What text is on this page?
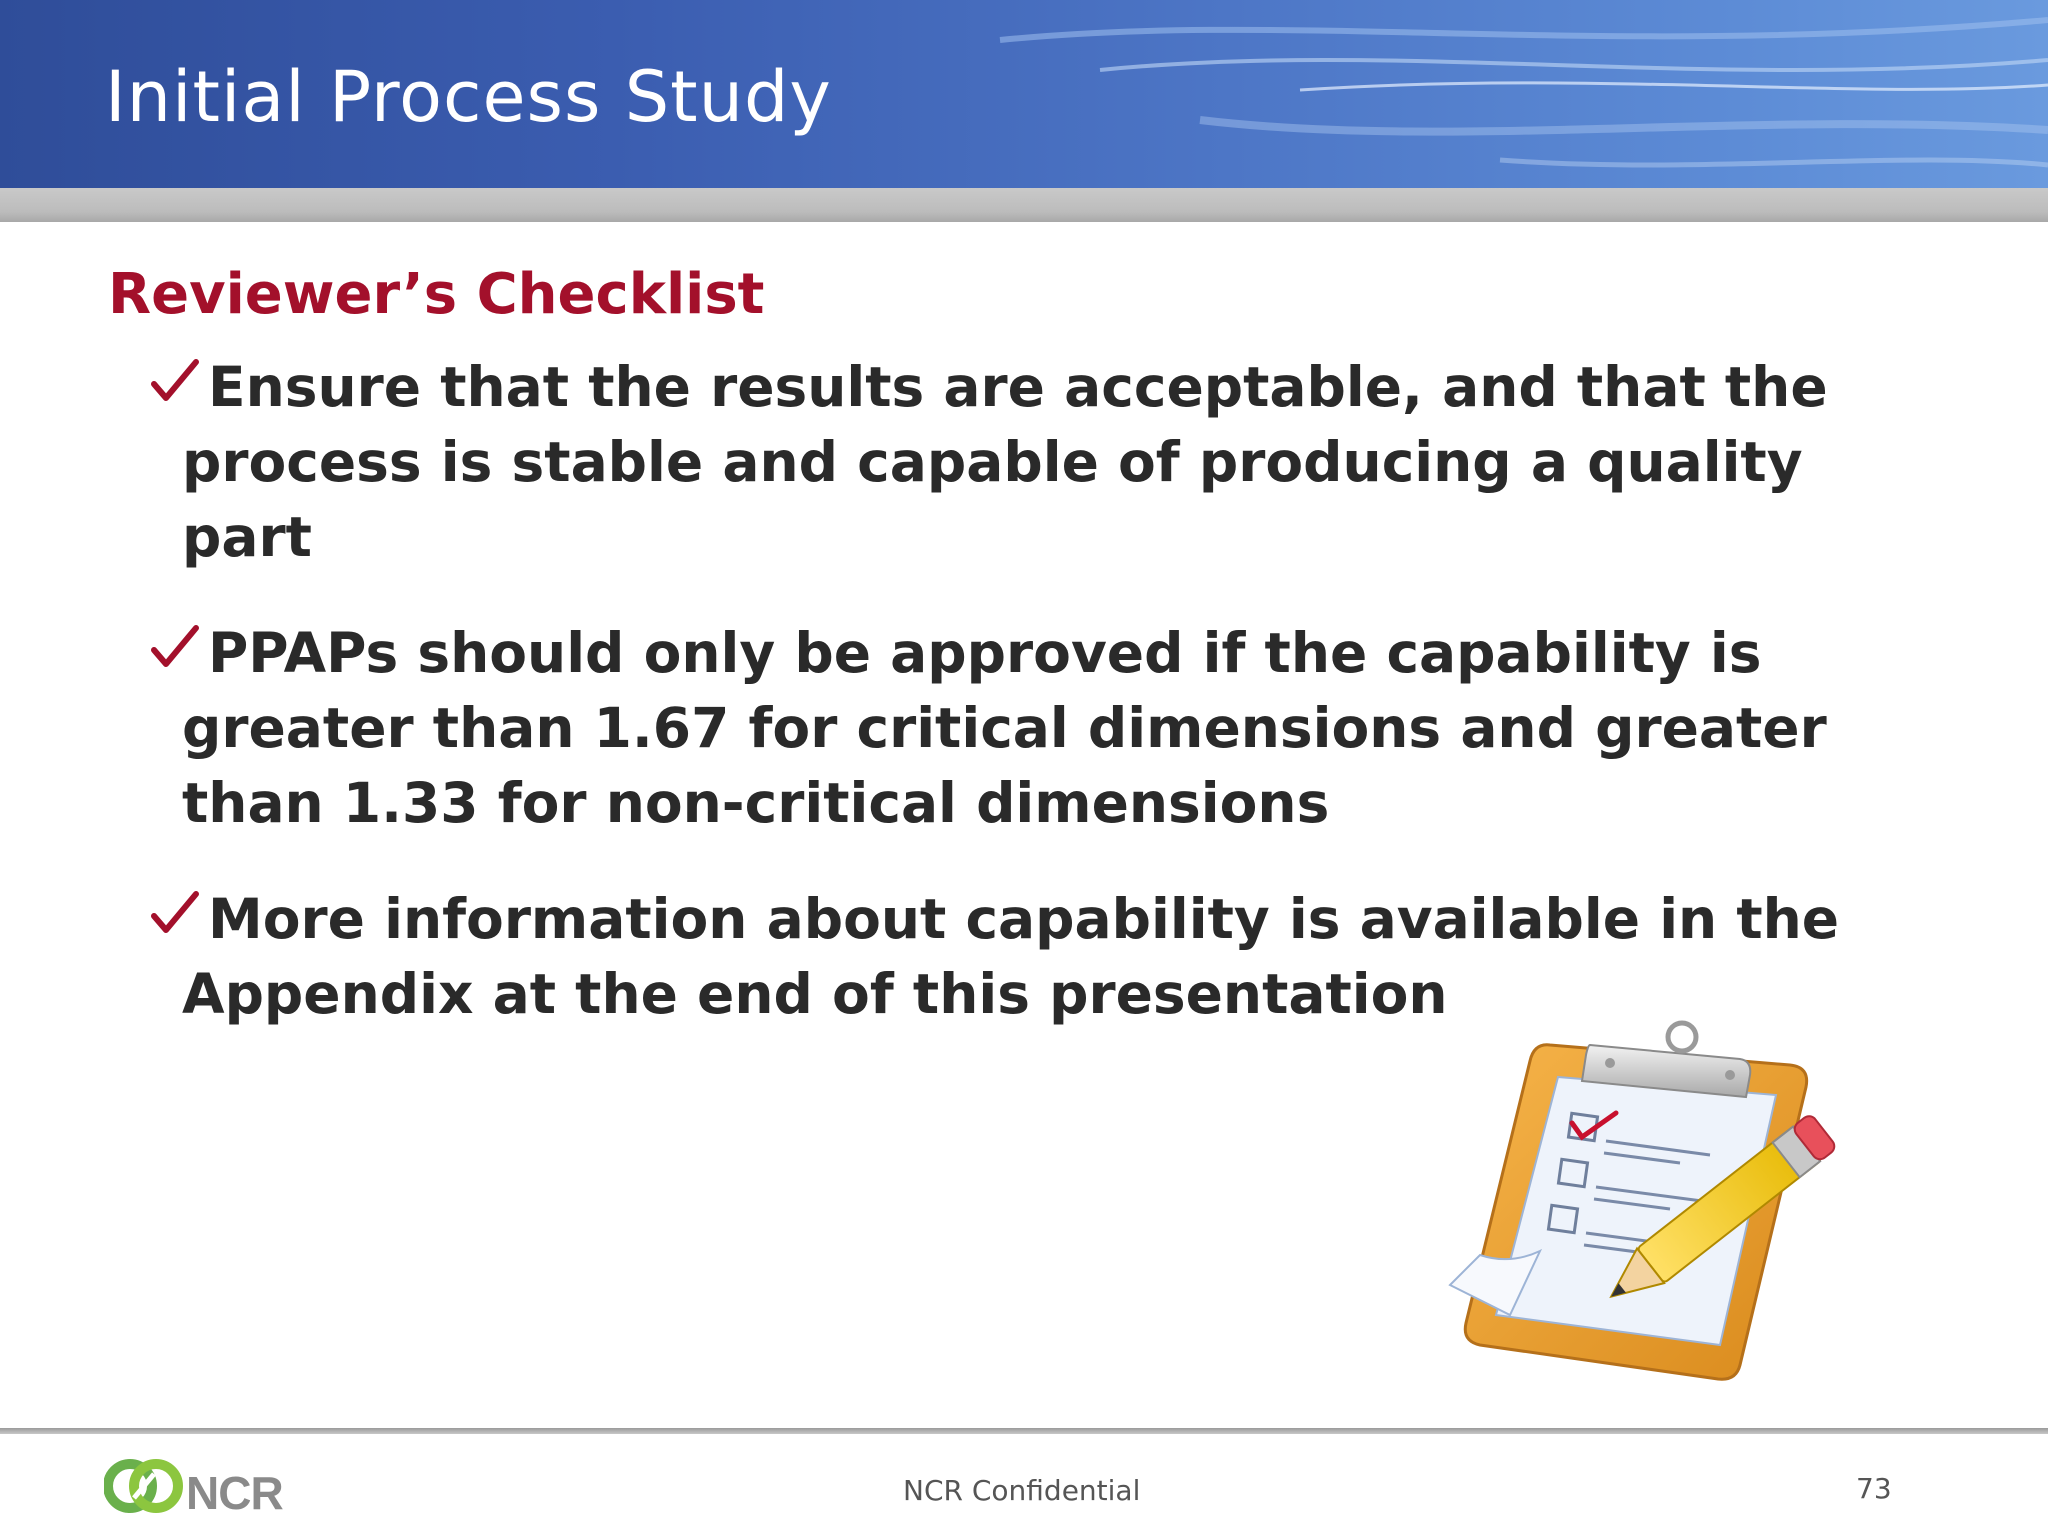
Initial Process Study
Reviewer’s Checklist
Ensure that the results are acceptable, and that the
process is stable and capable of producing a quality
part
PPAPs should only be approved if the capability is
greater than 1.67 for critical dimensions and greater
than 1.33 for non-critical dimensions
More information about capability is available in the
Appendix at the end of this presentation
NCR	NCR Confidential	73
